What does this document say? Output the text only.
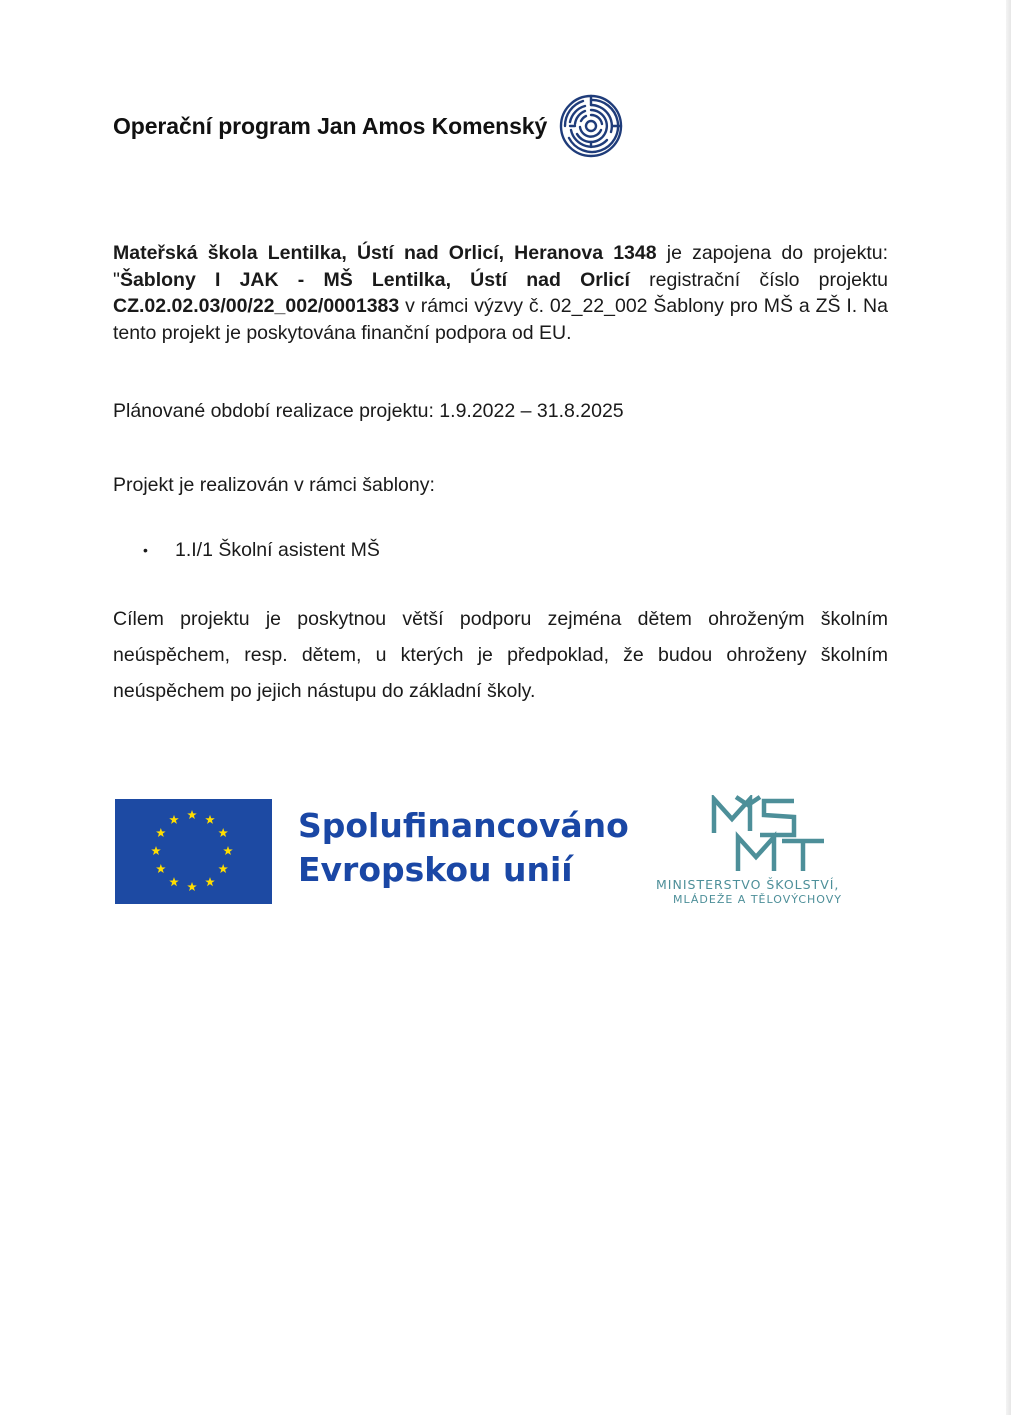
Operační program Jan Amos Komenský

Mateřská škola Lentilka, Ústí nad Orlicí, Heranova 1348 je zapojena do projektu: "Šablony I JAK - MŠ Lentilka, Ústí nad Orlicí registrační číslo projektu CZ.02.02.03/00/22_002/0001383 v rámci výzvy č. 02_22_002 Šablony pro MŠ a ZŠ I. Na tento projekt je poskytována finanční podpora od EU.

Plánované období realizace projektu: 1.9.2022 – 31.8.2025

Projekt je realizován v rámci šablony:

•	1.I/1 Školní asistent MŠ

Cílem projektu je poskytnou větší podporu zejména dětem ohroženým školním neúspěchem, resp. dětem, u kterých je předpoklad, že budou ohroženy školním neúspěchem po jejich nástupu do základní školy.

Spolufinancováno
Evropskou unií	MINISTERSTVO ŠKOLSTVÍ,
MLÁDEŽE A TĚLOVÝCHOVY
